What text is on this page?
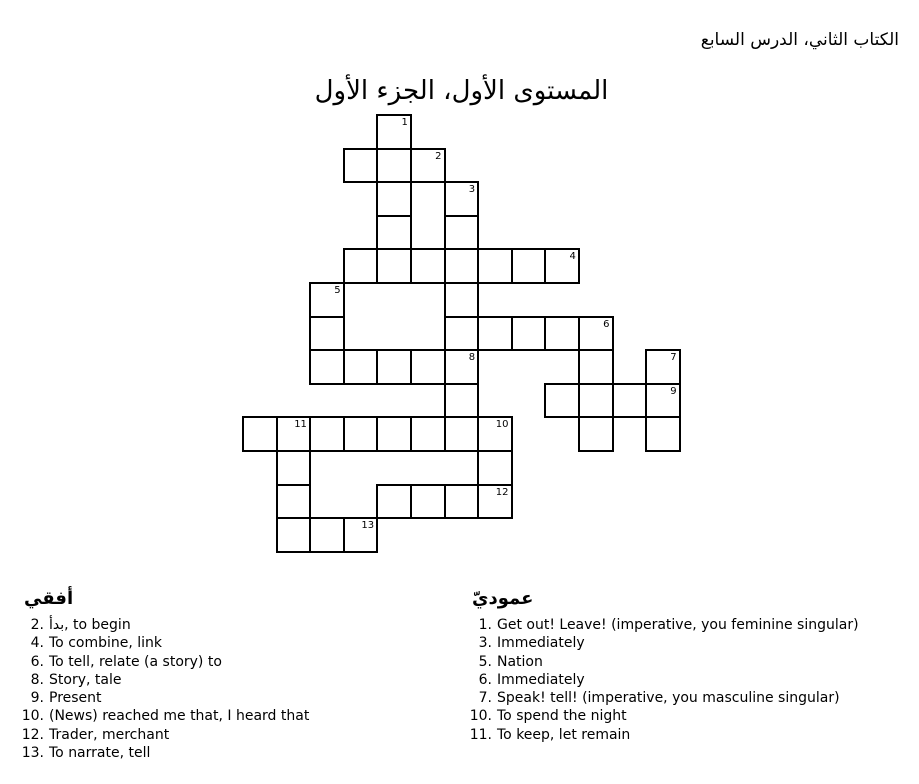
الكتاب الثاني، الدرس السابع
المستوى الأول، الجزء الأول
1
2
3
4
5
6
7
8
9
10
11
12
13
أفقي
2. بدأ, to begin
4. To combine, link
6. To tell, relate (a story) to
8. Story, tale
9. Present
10. (News) reached me that, I heard that
12. Trader, merchant
13. To narrate, tell
عموديّ
1. Get out! Leave! (imperative, you feminine singular)
3. Immediately
5. Nation
6. Immediately
7. Speak! tell! (imperative, you masculine singular)
10. To spend the night
11. To keep, let remain
